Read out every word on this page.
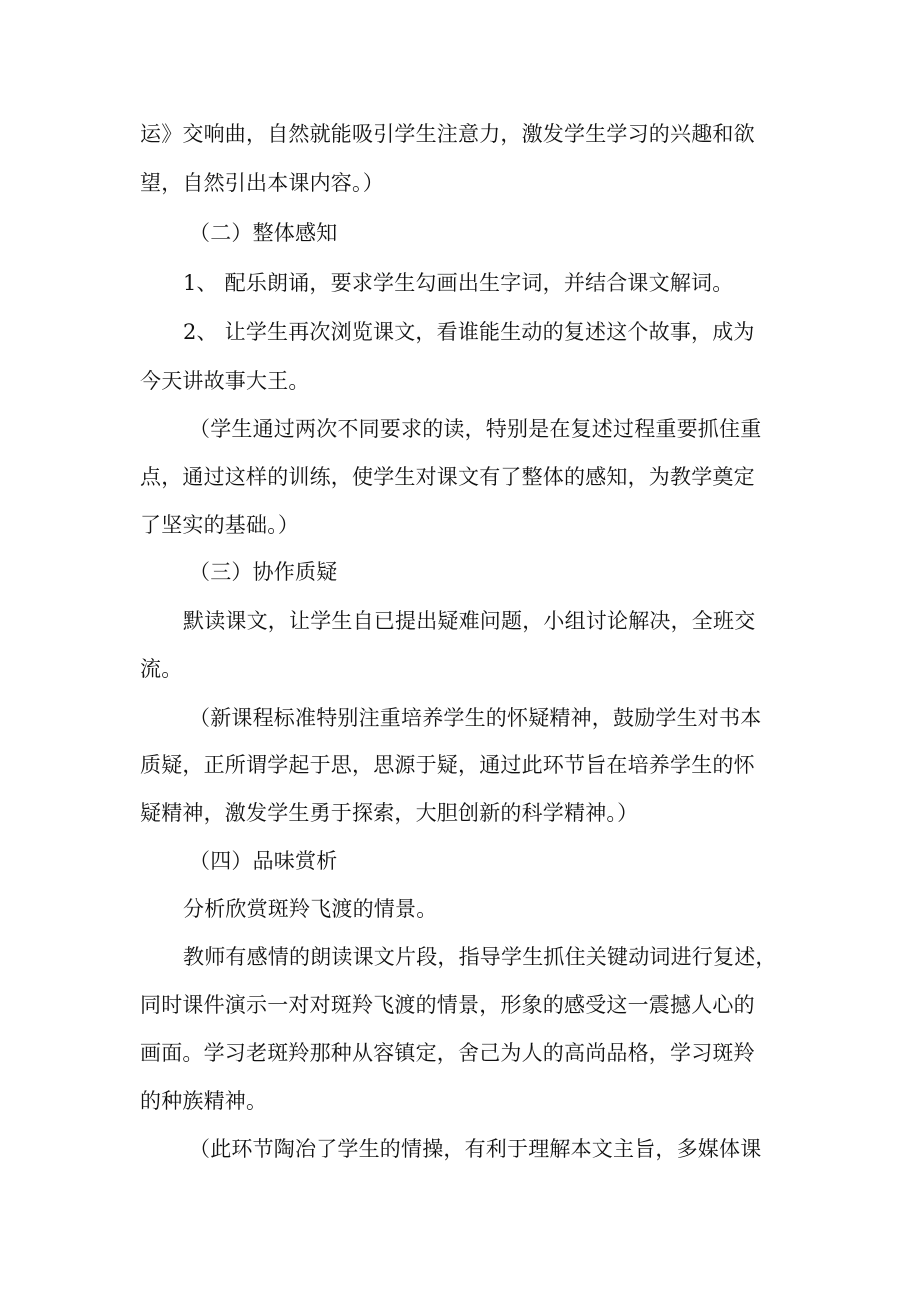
运》交响曲，自然就能吸引学生注意力，激发学生学习的兴趣和欲
望，自然引出本课内容。）
（二）整体感知
1、 配乐朗诵，要求学生勾画出生字词，并结合课文解词。
2、 让学生再次浏览课文，看谁能生动的复述这个故事，成为
今天讲故事大王。
（学生通过两次不同要求的读，特别是在复述过程重要抓住重
点，通过这样的训练，使学生对课文有了整体的感知，为教学奠定
了坚实的基础。）
（三）协作质疑
默读课文，让学生自已提出疑难问题，小组讨论解决，全班交
流。
（新课程标准特别注重培养学生的怀疑精神，鼓励学生对书本
质疑，正所谓学起于思，思源于疑，通过此环节旨在培养学生的怀
疑精神，激发学生勇于探索，大胆创新的科学精神。）
（四）品味赏析
分析欣赏斑羚飞渡的情景。
教师有感情的朗读课文片段，指导学生抓住关键动词进行复述，
同时课件演示一对对斑羚飞渡的情景，形象的感受这一震撼人心的
画面。学习老斑羚那种从容镇定，舍己为人的高尚品格，学习斑羚
的种族精神。
（此环节陶冶了学生的情操，有利于理解本文主旨，多媒体课
